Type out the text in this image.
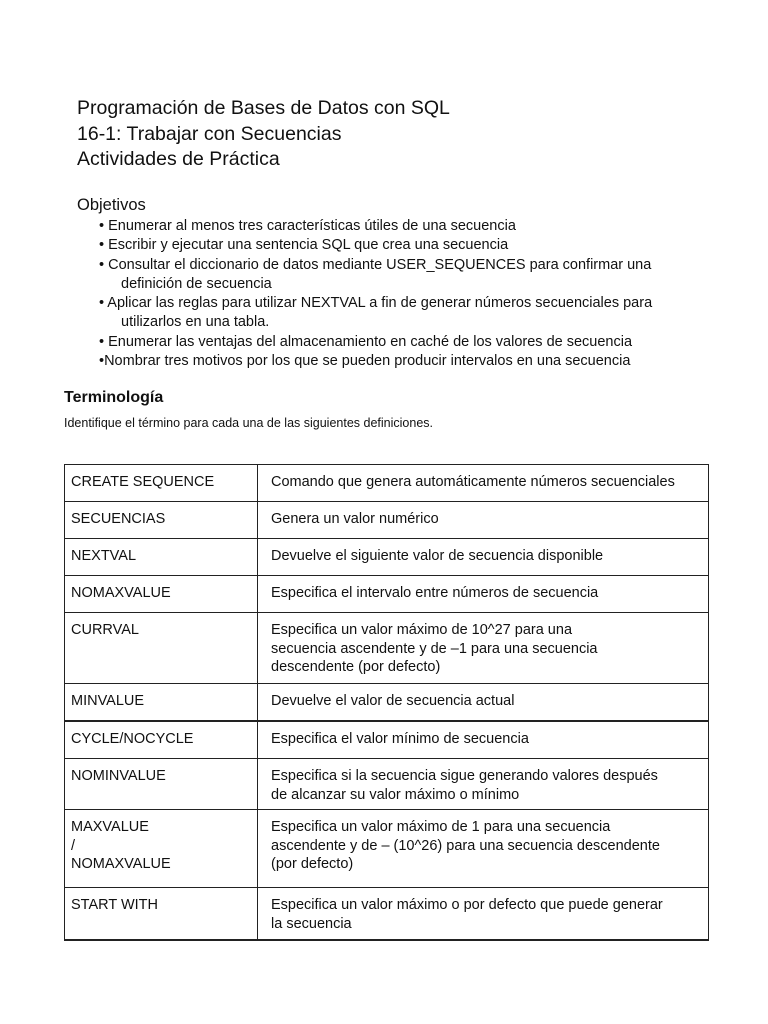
Programación de Bases de Datos con SQL
16-1: Trabajar con Secuencias
Actividades de Práctica
Objetivos
• Enumerar al menos tres características útiles de una secuencia
• Escribir y ejecutar una sentencia SQL que crea una secuencia
• Consultar el diccionario de datos mediante USER_SEQUENCES para confirmar una
definición de secuencia
• Aplicar las reglas para utilizar NEXTVAL a fin de generar números secuenciales para
utilizarlos en una tabla.
• Enumerar las ventajas del almacenamiento en caché de los valores de secuencia
•Nombrar tres motivos por los que se pueden producir intervalos en una secuencia
Terminología
Identifique el término para cada una de las siguientes definiciones.
CREATE SEQUENCE	Comando que genera automáticamente números secuenciales
SECUENCIAS	Genera un valor numérico
NEXTVAL	Devuelve el siguiente valor de secuencia disponible
NOMAXVALUE	Especifica el intervalo entre números de secuencia
CURRVAL	Especifica un valor máximo de 10^27 para una
secuencia ascendente y de –1 para una secuencia
descendente (por defecto)
MINVALUE	Devuelve el valor de secuencia actual
CYCLE/NOCYCLE	Especifica el valor mínimo de secuencia
NOMINVALUE	Especifica si la secuencia sigue generando valores después
de alcanzar su valor máximo o mínimo
MAXVALUE
/
NOMAXVALUE	Especifica un valor máximo de 1 para una secuencia
ascendente y de – (10^26) para una secuencia descendente
(por defecto)
START WITH	Especifica un valor máximo o por defecto que puede generar
la secuencia
